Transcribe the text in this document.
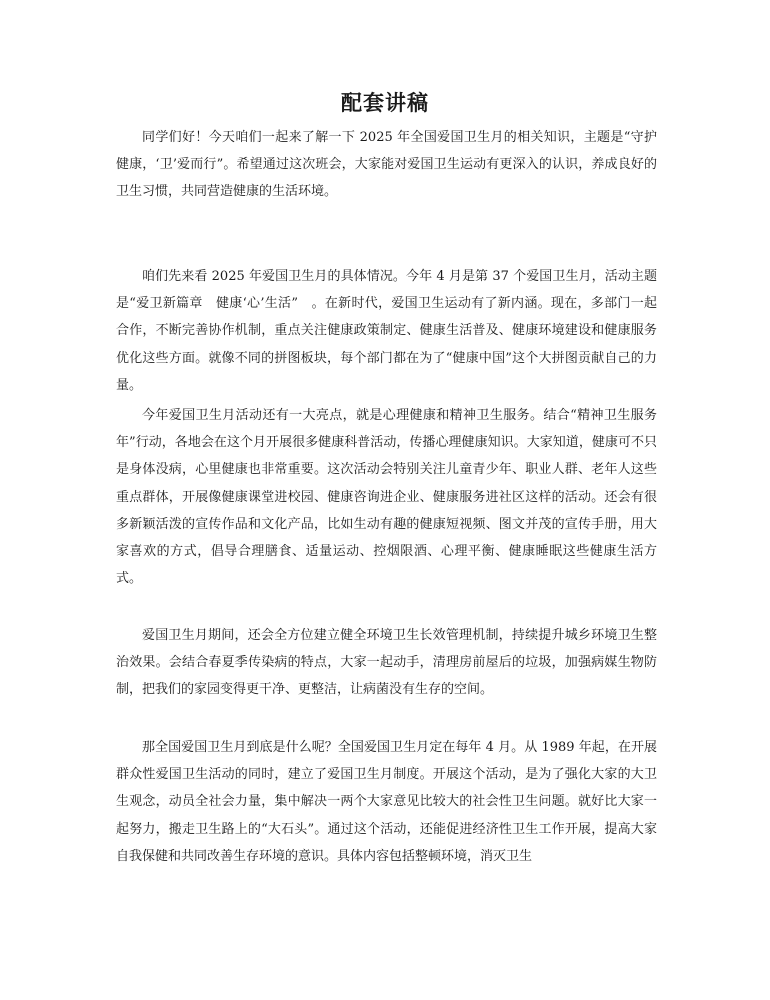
配套讲稿

同学们好！今天咱们一起来了解一下 2025 年全国爱国卫生月的相关知识，主题是“守护健康，‘卫’爱而行”。希望通过这次班会，大家能对爱国卫生运动有更深入的认识，养成良好的卫生习惯，共同营造健康的生活环境。

咱们先来看 2025 年爱国卫生月的具体情况。今年 4 月是第 37 个爱国卫生月，活动主题是“爱卫新篇章　健康‘心’生活”　。在新时代，爱国卫生运动有了新内涵。现在，多部门一起合作，不断完善协作机制，重点关注健康政策制定、健康生活普及、健康环境建设和健康服务优化这些方面。就像不同的拼图板块，每个部门都在为了“健康中国”这个大拼图贡献自己的力量。

今年爱国卫生月活动还有一大亮点，就是心理健康和精神卫生服务。结合“精神卫生服务年”行动，各地会在这个月开展很多健康科普活动，传播心理健康知识。大家知道，健康可不只是身体没病，心里健康也非常重要。这次活动会特别关注儿童青少年、职业人群、老年人这些重点群体，开展像健康课堂进校园、健康咨询进企业、健康服务进社区这样的活动。还会有很多新颖活泼的宣传作品和文化产品，比如生动有趣的健康短视频、图文并茂的宣传手册，用大家喜欢的方式，倡导合理膳食、适量运动、控烟限酒、心理平衡、健康睡眠这些健康生活方式。

爱国卫生月期间，还会全方位建立健全环境卫生长效管理机制，持续提升城乡环境卫生整治效果。会结合春夏季传染病的特点，大家一起动手，清理房前屋后的垃圾，加强病媒生物防制，把我们的家园变得更干净、更整洁，让病菌没有生存的空间。

那全国爱国卫生月到底是什么呢？全国爱国卫生月定在每年 4 月。从 1989 年起，在开展群众性爱国卫生活动的同时，建立了爱国卫生月制度。开展这个活动，是为了强化大家的大卫生观念，动员全社会力量，集中解决一两个大家意见比较大的社会性卫生问题。就好比大家一起努力，搬走卫生路上的“大石头”。通过这个活动，还能促进经济性卫生工作开展，提高大家自我保健和共同改善生存环境的意识。具体内容包括整顿环境，消灭卫生
